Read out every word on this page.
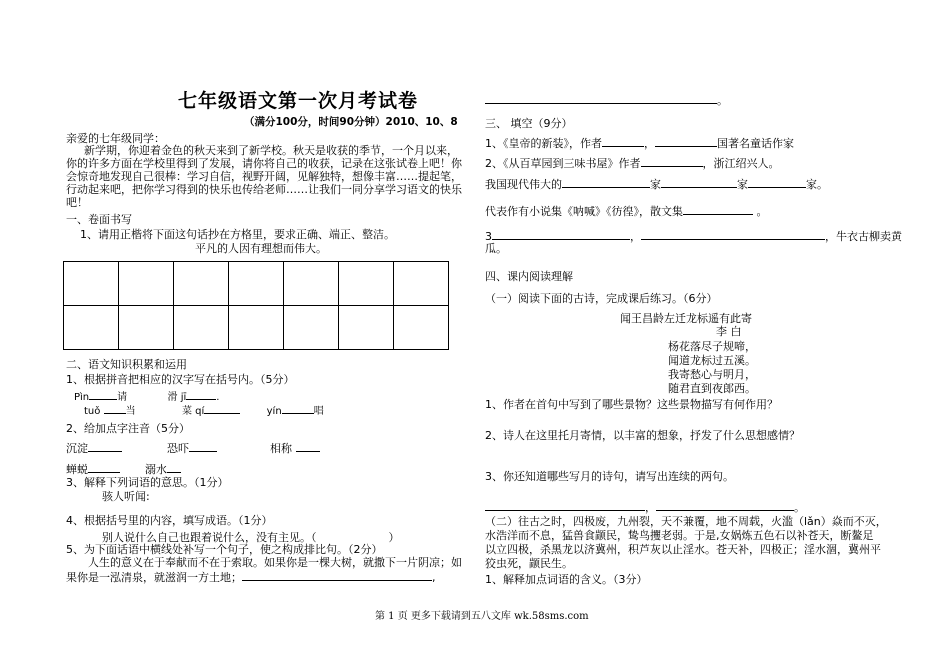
七年级语文第一次月考试卷
（满分100分，时间90分钟）2010、10、8
亲爱的七年级同学：
新学期，你迎着金色的秋天来到了新学校。秋天是收获的季节，一个月以来，
你的许多方面在学校里得到了发展，请你将自己的收获，记录在这张试卷上吧！你
会惊奇地发现自己很棒：学习自信，视野开阔，见解独特，想像丰富……提起笔，
行动起来吧，把你学习得到的快乐也传给老师……让我们一同分享学习语文的快乐
吧！
一、卷面书写
1、请用正楷将下面这句话抄在方格里，要求正确、端正、整洁。
平凡的人因有理想而伟大。

二、语文知识积累和运用
1、根据拼音把相应的汉字写在括号内。（5分）
Pìn	请	滑 jī	.
tuǒ	当	菜 qí	yín	唱
2、给加点字注音（5分）
沉淀	恐吓	相称
蝉蜕	溺水
3、解释下列词语的意思。（1分）
骇人听闻:
4、根据括号里的内容，填写成语。（1分）
别人说什么自己也跟着说什么，没有主见。（	）
5、为下面话语中横线处补写一个句子，使之构成排比句。（2分）
人生的意义在于奉献而不在于索取。如果你是一棵大树，就撒下一片阴凉；如
果你是一泓清泉，就滋润一方土地；	,
。
三、 填空（9分）
1、《皇帝的新装》，作者	，	国著名童话作家
2、《从百草园到三味书屋》作者	，浙江绍兴人。
我国现代伟大的	家	家	家。
代表作有小说集《呐喊》《彷徨》，散文集	。
3	，	，牛衣古柳卖黄
瓜。
四、课内阅读理解
（一）阅读下面的古诗，完成课后练习。（6分）
闻王昌龄左迁龙标遥有此寄
李 白
杨花落尽子规啼，
闻道龙标过五溪。
我寄愁心与明月，
随君直到夜郎西。
1、作者在首句中写到了哪些景物？这些景物描写有何作用？
2、诗人在这里托月寄情，以丰富的想象，抒发了什么思想感情？
3、你还知道哪些写月的诗句，请写出连续的两句。
，	。
（二）往古之时，四极废，九州裂，天不兼覆，地不周载，火滥（lǎn）焱而不灭，
水浩洋而不息，猛兽食颛民，鸷鸟攫老弱。于是,女娲炼五色石以补苍天，断鳌足
以立四极，杀黑龙以济冀州，积芦灰以止淫水。苍天补，四极正；淫水涸，冀州平
狡虫死，颛民生。
1、解释加点词语的含义。（3分）
第 1 页 更多下载请到五八文库 wk.58sms.com
